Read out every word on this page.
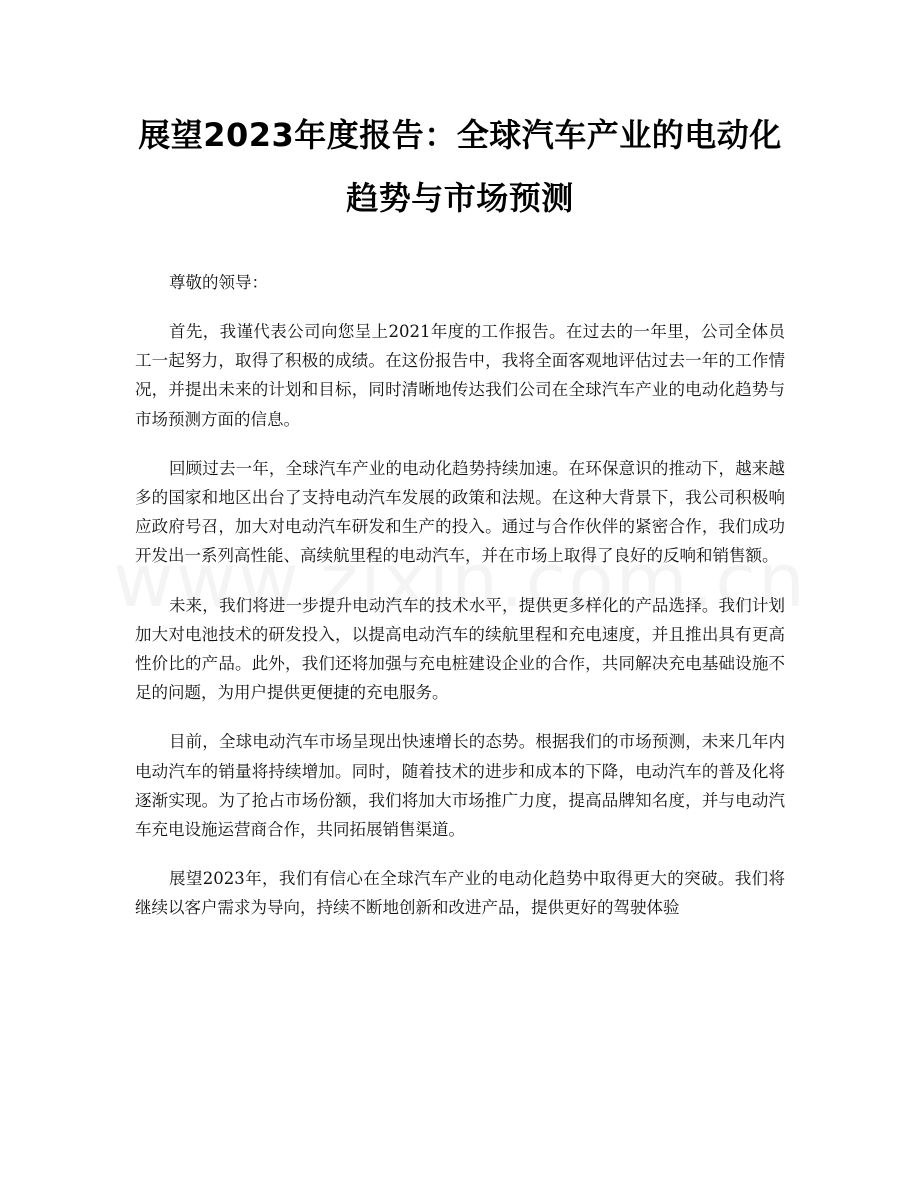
展望2023年度报告：全球汽车产业的电动化
趋势与市场预测

尊敬的领导：

首先，我谨代表公司向您呈上2021年度的工作报告。在过去的一年里，公司全体员工一起努力，取得了积极的成绩。在这份报告中，我将全面客观地评估过去一年的工作情况，并提出未来的计划和目标，同时清晰地传达我们公司在全球汽车产业的电动化趋势与市场预测方面的信息。

回顾过去一年，全球汽车产业的电动化趋势持续加速。在环保意识的推动下，越来越多的国家和地区出台了支持电动汽车发展的政策和法规。在这种大背景下，我公司积极响应政府号召，加大对电动汽车研发和生产的投入。通过与合作伙伴的紧密合作，我们成功开发出一系列高性能、高续航里程的电动汽车，并在市场上取得了良好的反响和销售额。

未来，我们将进一步提升电动汽车的技术水平，提供更多样化的产品选择。我们计划加大对电池技术的研发投入，以提高电动汽车的续航里程和充电速度，并且推出具有更高性价比的产品。此外，我们还将加强与充电桩建设企业的合作，共同解决充电基础设施不足的问题，为用户提供更便捷的充电服务。

目前，全球电动汽车市场呈现出快速增长的态势。根据我们的市场预测，未来几年内电动汽车的销量将持续增加。同时，随着技术的进步和成本的下降，电动汽车的普及化将逐渐实现。为了抢占市场份额，我们将加大市场推广力度，提高品牌知名度，并与电动汽车充电设施运营商合作，共同拓展销售渠道。

展望2023年，我们有信心在全球汽车产业的电动化趋势中取得更大的突破。我们将继续以客户需求为导向，持续不断地创新和改进产品，提供更好的驾驶体验
